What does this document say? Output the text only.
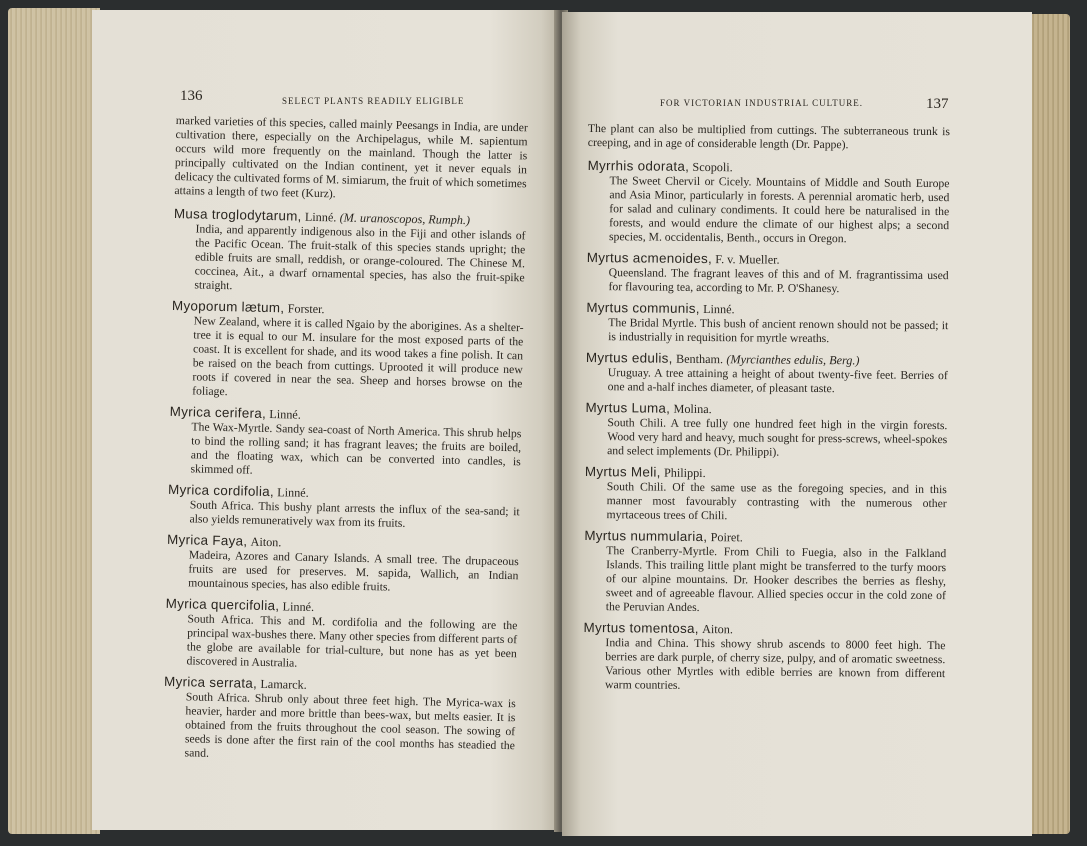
136	SELECT PLANTS READILY ELIGIBLE
marked varieties of this species, called mainly Peesangs in India, are under cultivation there, especially on the Archipelagus, while M. sapientum occurs wild more frequently on the mainland. Though the latter is principally cultivated on the Indian continent, yet it never equals in delicacy the cultivated forms of M. simiarum, the fruit of which sometimes attains a length of two feet (Kurz).
Musa troglodytarum, Linné. (M. uranoscopos, Rumph.)
India, and apparently indigenous also in the Fiji and other islands of the Pacific Ocean. The fruit-stalk of this species stands upright; the edible fruits are small, reddish, or orange-coloured. The Chinese M. coccinea, Ait., a dwarf ornamental species, has also the fruit-spike straight.
Myoporum lætum, Forster.
New Zealand, where it is called Ngaio by the aborigines. As a shelter-tree it is equal to our M. insulare for the most exposed parts of the coast. It is excellent for shade, and its wood takes a fine polish. It can be raised on the beach from cuttings. Uprooted it will produce new roots if covered in near the sea. Sheep and horses browse on the foliage.
Myrica cerifera, Linné.
The Wax-Myrtle. Sandy sea-coast of North America. This shrub helps to bind the rolling sand; it has fragrant leaves; the fruits are boiled, and the floating wax, which can be converted into candles, is skimmed off.
Myrica cordifolia, Linné.
South Africa. This bushy plant arrests the influx of the sea-sand; it also yields remuneratively wax from its fruits.
Myrica Faya, Aiton.
Madeira, Azores and Canary Islands. A small tree. The drupaceous fruits are used for preserves. M. sapida, Wallich, an Indian mountainous species, has also edible fruits.
Myrica quercifolia, Linné.
South Africa. This and M. cordifolia and the following are the principal wax-bushes there. Many other species from different parts of the globe are available for trial-culture, but none has as yet been discovered in Australia.
Myrica serrata, Lamarck.
South Africa. Shrub only about three feet high. The Myrica-wax is heavier, harder and more brittle than bees-wax, but melts easier. It is obtained from the fruits throughout the cool season. The sowing of seeds is done after the first rain of the cool months has steadied the sand.
FOR VICTORIAN INDUSTRIAL CULTURE.	137
The plant can also be multiplied from cuttings. The subterraneous trunk is creeping, and in age of considerable length (Dr. Pappe).
Myrrhis odorata, Scopoli.
The Sweet Chervil or Cicely. Mountains of Middle and South Europe and Asia Minor, particularly in forests. A perennial aromatic herb, used for salad and culinary condiments. It could here be naturalised in the forests, and would endure the climate of our highest alps; a second species, M. occidentalis, Benth., occurs in Oregon.
Myrtus acmenoides, F. v. Mueller.
Queensland. The fragrant leaves of this and of M. fragrantissima used for flavouring tea, according to Mr. P. O'Shanesy.
Myrtus communis, Linné.
The Bridal Myrtle. This bush of ancient renown should not be passed; it is industrially in requisition for myrtle wreaths.
Myrtus edulis, Bentham. (Myrcianthes edulis, Berg.)
Uruguay. A tree attaining a height of about twenty-five feet. Berries of one and a-half inches diameter, of pleasant taste.
Myrtus Luma, Molina.
South Chili. A tree fully one hundred feet high in the virgin forests. Wood very hard and heavy, much sought for press-screws, wheel-spokes and select implements (Dr. Philippi).
Myrtus Meli, Philippi.
South Chili. Of the same use as the foregoing species, and in this manner most favourably contrasting with the numerous other myrtaceous trees of Chili.
Myrtus nummularia, Poiret.
The Cranberry-Myrtle. From Chili to Fuegia, also in the Falkland Islands. This trailing little plant might be transferred to the turfy moors of our alpine mountains. Dr. Hooker describes the berries as fleshy, sweet and of agreeable flavour. Allied species occur in the cold zone of the Peruvian Andes.
Myrtus tomentosa, Aiton.
India and China. This showy shrub ascends to 8000 feet high. The berries are dark purple, of cherry size, pulpy, and of aromatic sweetness. Various other Myrtles with edible berries are known from different warm countries.
